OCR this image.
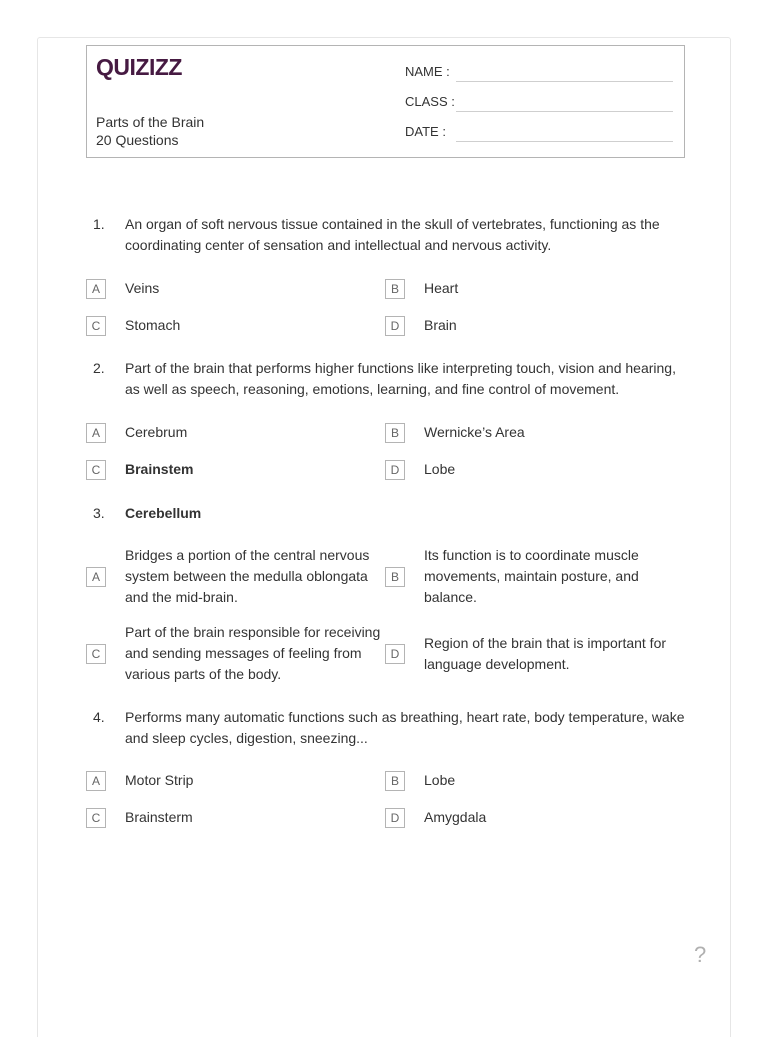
QUIZIZZ
Parts of the Brain
20 Questions
NAME :
CLASS :
DATE :
1. An organ of soft nervous tissue contained in the skull of vertebrates, functioning as the coordinating center of sensation and intellectual and nervous activity.
A	Veins	B	Heart
C	Stomach	D	Brain
2. Part of the brain that performs higher functions like interpreting touch, vision and hearing, as well as speech, reasoning, emotions, learning, and fine control of movement.
A	Cerebrum	B	Wernicke’s Area
C	Brainstem	D	Lobe
3. Cerebellum
A
Bridges a portion of the central nervous system between the medulla oblongata and the mid-brain.
B
Its function is to coordinate muscle movements, maintain posture, and balance.
C
Part of the brain responsible for receiving and sending messages of feeling from various parts of the body.
D
Region of the brain that is important for language development.
4. Performs many automatic functions such as breathing, heart rate, body temperature, wake and sleep cycles, digestion, sneezing...
A	Motor Strip	B	Lobe
C	Brainsterm	D	Amygdala
?
